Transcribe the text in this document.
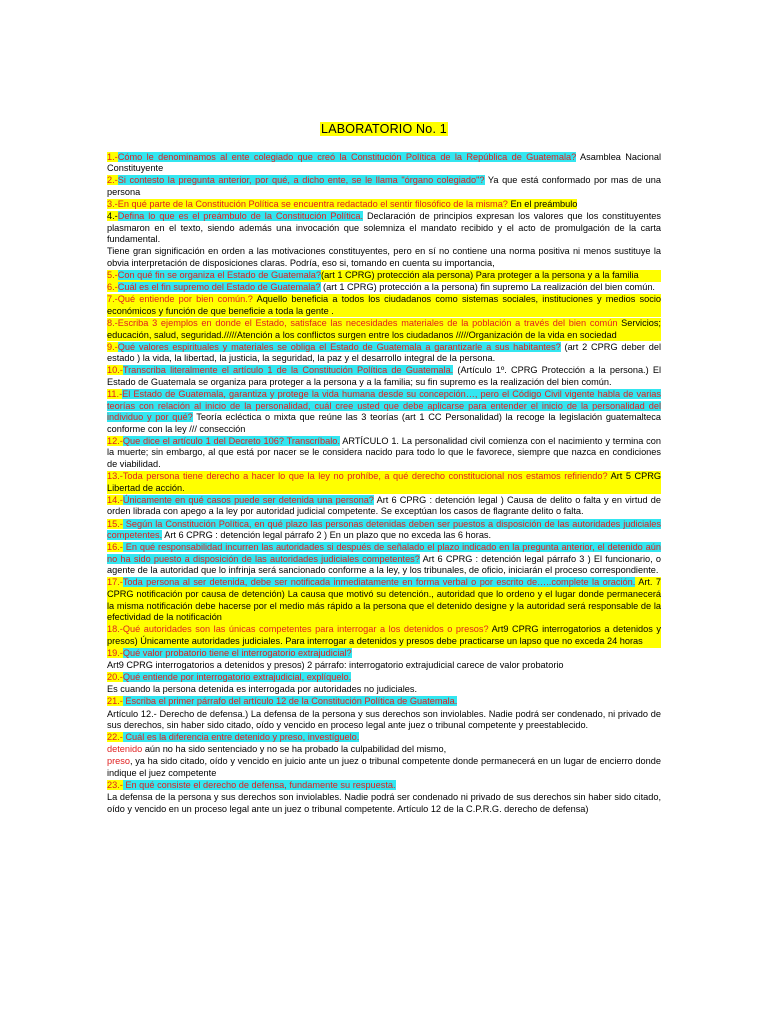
LABORATORIO No. 1
1.-Cómo le denominamos al ente colegiado que creó la Constitución Política de la República de Guatemala? Asamblea Nacional Constituyente
2.-Si contesto la pregunta anterior, por qué, a dicho ente, se le llama "órgano colegiado"? Ya que está conformado por mas de una persona
3.-En qué parte de la Constitución Política se encuentra redactado el sentir filosófico de la misma? En el preámbulo
4.-Defina lo que es el preámbulo de la Constitución Política. Declaración de principios expresan los valores que los constituyentes plasmaron en el texto, siendo además una invocación que solemniza el mandato recibido y el acto de promulgación de la carta fundamental.
Tiene gran significación en orden a las motivaciones constituyentes, pero en sí no contiene una norma positiva ni menos sustituye la obvia interpretación de disposiciones claras. Podría, eso si, tomando en cuenta su importancia,
5.-Con qué fin se organiza el Estado de Guatemala?(art 1 CPRG) protección ala persona) Para proteger a la persona y a la familia
6.-Cuál es el fin supremo del Estado de Guatemala? (art 1 CPRG) protección a la persona) fin supremo La realización del bien común.
7.-Qué entiende por bien común.? Aquello beneficia a todos los ciudadanos como sistemas sociales, instituciones y medios socio económicos y función de que beneficie a toda la gente .
8.-Escriba 3 ejemplos en donde el Estado, satisface las necesidades materiales de la población a través del bien común Servicios; educación, salud, seguridad./////Atención a los conflictos surgen entre los ciudadanos /////Organización de la vida en sociedad
9.-Qué valores espirituales y materiales se obliga el Estado de Guatemala a garantizarle a sus habitantes? (art 2 CPRG deber del estado ) la vida, la libertad, la justicia, la seguridad, la paz y el desarrollo integral de la persona.
10.-Transcriba literalmente el artículo 1 de la Constitución Política de Guatemala. (Artículo 1º. CPRG Protección a la persona.) El Estado de Guatemala se organiza para proteger a la persona y a la familia; su fin supremo es la realización del bien común.
11.-El Estado de Guatemala, garantiza y protege la vida humana desde su concepción…, pero el Código Civil vigente habla de varias teorías con relación al inicio de la personalidad, cuál cree usted que debe aplicarse para entender el inicio de la personalidad del individuo y por qué? Teoría ecléctica o mixta que reúne las 3 teorías (art 1 CC Personalidad) la recoge la legislación guatemalteca conforme con la ley /// consección
12.-Que dice el artículo 1 del Decreto 106? Transcríbalo. ARTÍCULO 1. La personalidad civil comienza con el nacimiento y termina con la muerte; sin embargo, al que está por nacer se le considera nacido para todo lo que le favorece, siempre que nazca en condiciones de viabilidad.
13.-Toda persona tiene derecho a hacer lo que la ley no prohíbe, a qué derecho constitucional nos estamos refiriendo? Art 5 CPRG Libertad de acción.
14.-Únicamente en qué casos puede ser detenida una persona? Art 6 CPRG : detención legal ) Causa de delito o falta y en virtud de orden librada con apego a la ley por autoridad judicial competente. Se exceptúan los casos de flagrante delito o falta.
15.- Según la Constitución Política, en qué plazo las personas detenidas deben ser puestos a disposición de las autoridades judiciales competentes. Art 6 CPRG : detención legal párrafo 2 ) En un plazo que no exceda las 6 horas.
16.- En qué responsabilidad incurren las autoridades si después de señalado el plazo indicado en la pregunta anterior, el detenido aún no ha sido puesto a disposición de las autoridades judiciales competentes? Art 6 CPRG : detención legal párrafo 3 ) El funcionario, o agente de la autoridad que lo infrinja será sancionado conforme a la ley, y los tribunales, de oficio, iniciarán el proceso correspondiente.
17.-Toda persona al ser detenida, debe ser notificada inmediatamente en forma verbal o por escrito de…..complete la oración. Art. 7 CPRG notificación por causa de detención) La causa que motivó su detención., autoridad que lo ordeno y el lugar donde permanecerá la misma notificación debe hacerse por el medio más rápido a la persona que el detenido designe y la autoridad será responsable de la efectividad de la notificación
18.-Qué autoridades son las únicas competentes para interrogar a los detenidos o presos? Art9 CPRG interrogatorios a detenidos y presos) Únicamente autoridades judiciales. Para interrogar a detenidos y presos debe practicarse un lapso que no exceda 24 horas
19.-Qué valor probatorio tiene el interrogatorio extrajudicial?
Art9 CPRG interrogatorios a detenidos y presos) 2 párrafo: interrogatorio extrajudicial carece de valor probatorio
20.-Qué entiende por interrogatorio extrajudicial, explíquelo.
Es cuando la persona detenida es interrogada por autoridades no judiciales.
21.- Escriba el primer párrafo del artículo 12 de la Constitución Política de Guatemala.
Artículo 12.- Derecho de defensa.) La defensa de la persona y sus derechos son inviolables. Nadie podrá ser condenado, ni privado de sus derechos, sin haber sido citado, oído y vencido en proceso legal ante juez o tribunal competente y preestablecido.
22.- Cuál es la diferencia entre detenido y preso, investíguelo.
detenido aún no ha sido sentenciado y no se ha probado la culpabilidad del mismo,
preso, ya ha sido citado, oído y vencido en juicio ante un juez o tribunal competente donde permanecerá en un lugar de encierro donde indique el juez competente
23.- En qué consiste el derecho de defensa, fundamente su respuesta.
La defensa de la persona y sus derechos son inviolables. Nadie podrá ser condenado ni privado de sus derechos sin haber sido citado, oído y vencido en un proceso legal ante un juez o tribunal competente. Artículo 12 de la C.P.R.G. derecho de defensa)
